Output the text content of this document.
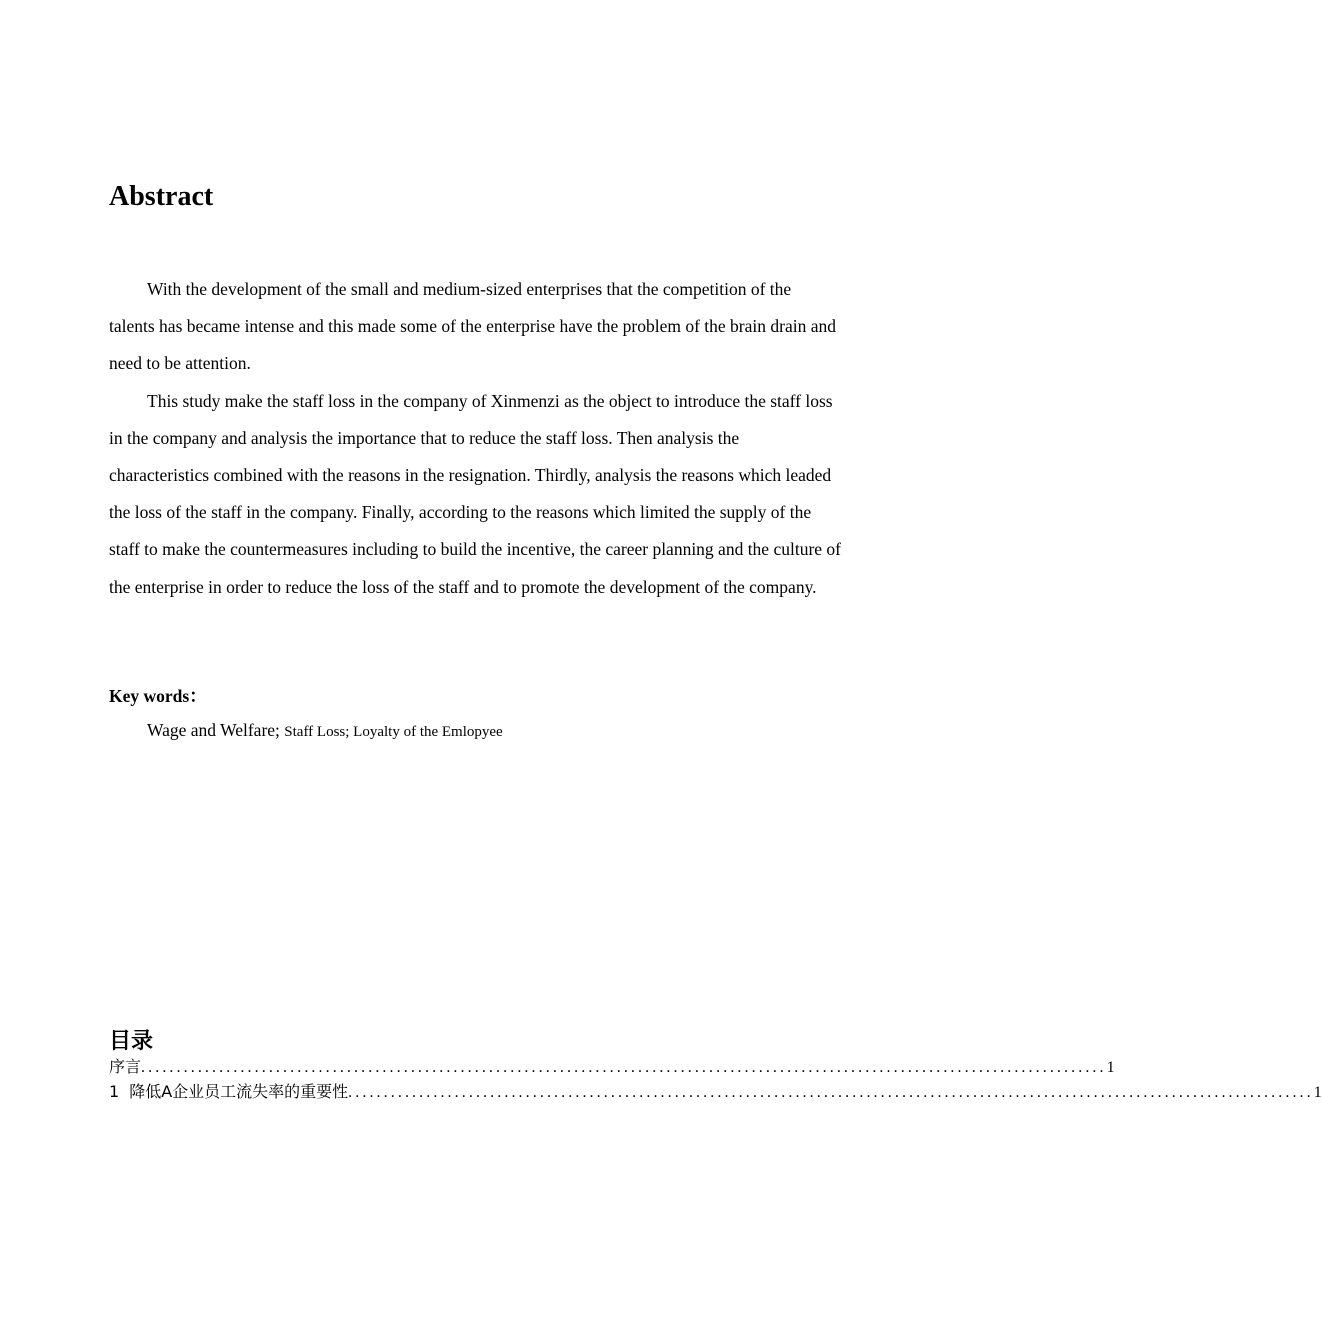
Abstract

With the development of the small and medium-sized enterprises that the competition of the talents has became intense and this made some of the enterprise have the problem of the brain drain and need to be attention.

This study make the staff loss in the company of Xinmenzi as the object to introduce the staff loss in the company and analysis the importance that to reduce the staff loss. Then analysis the characteristics combined with the reasons in the resignation. Thirdly, analysis the reasons which leaded the loss of the staff in the company. Finally, according to the reasons which limited the supply of the staff to make the countermeasures including to build the incentive, the career planning and the culture of the enterprise in order to reduce the loss of the staff and to promote the development of the company.

Key words：
Wage and Welfare; Staff Loss; Loyalty of the Emlopyee
目录
序言 ........................................................................................................................................ 1
1 降低A企业员工流失率的重要性 ........................................................................................................................................ 1
